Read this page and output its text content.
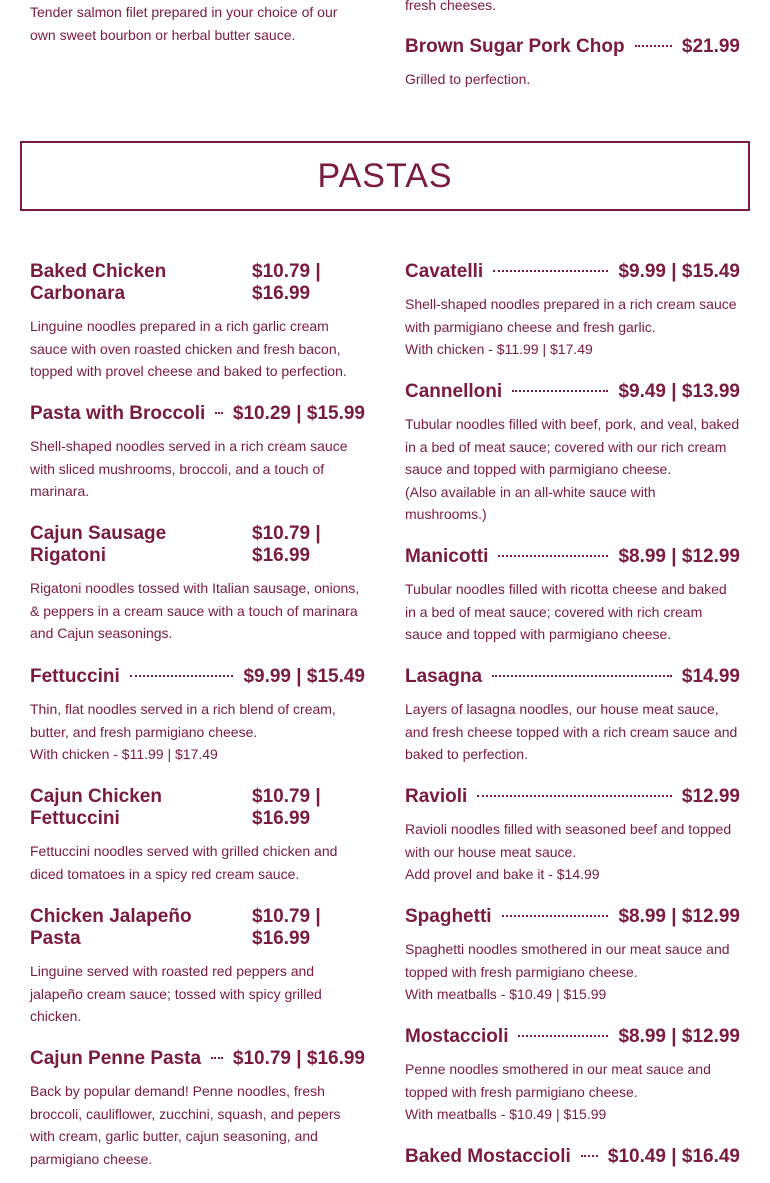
Tender salmon filet prepared in your choice of our own sweet bourbon or herbal butter sauce.
fresh cheeses.
Brown Sugar Pork Chop	$21.99
Grilled to perfection.
PASTAS
Baked Chicken Carbonara
$10.79 | $16.99
Linguine noodles prepared in a rich garlic cream sauce with oven roasted chicken and fresh bacon, topped with provel cheese and baked to perfection.
Pasta with Broccoli $10.29 | $15.99
Shell-shaped noodles served in a rich cream sauce with sliced mushrooms, broccoli, and a touch of marinara.
Cajun Sausage Rigatoni
$10.79 | $16.99
Rigatoni noodles tossed with Italian sausage, onions, & peppers in a cream sauce with a touch of marinara and Cajun seasonings.
Fettuccini	$9.99 | $15.49
Thin, flat noodles served in a rich blend of cream, butter, and fresh parmigiano cheese.
With chicken - $11.99 | $17.49
Cajun Chicken Fettuccini
$10.79 | $16.99
Fettuccini noodles served with grilled chicken and diced tomatoes in a spicy red cream sauce.
Chicken Jalapeño Pasta
$10.79 | $16.99
Linguine served with roasted red peppers and jalapeño cream sauce; tossed with spicy grilled chicken.
Cajun Penne Pasta $10.79 | $16.99
Back by popular demand! Penne noodles, fresh broccoli, cauliflower, zucchini, squash, and pepers with cream, garlic butter, cajun seasoning, and parmigiano cheese.
Cavatelli	$9.99 | $15.49
Shell-shaped noodles prepared in a rich cream sauce with parmigiano cheese and fresh garlic.
With chicken - $11.99 | $17.49
Cannelloni	$9.49 | $13.99
Tubular noodles filled with beef, pork, and veal, baked in a bed of meat sauce; covered with our rich cream sauce and topped with parmigiano cheese.
(Also available in an all-white sauce with mushrooms.)
Manicotti	$8.99 | $12.99
Tubular noodles filled with ricotta cheese and baked in a bed of meat sauce; covered with rich cream sauce and topped with parmigiano cheese.
Lasagna	$14.99
Layers of lasagna noodles, our house meat sauce, and fresh cheese topped with a rich cream sauce and baked to perfection.
Ravioli	$12.99
Ravioli noodles filled with seasoned beef and topped with our house meat sauce.
Add provel and bake it - $14.99
Spaghetti	$8.99 | $12.99
Spaghetti noodles smothered in our meat sauce and topped with fresh parmigiano cheese.
With meatballs - $10.49 | $15.99
Mostaccioli	$8.99 | $12.99
Penne noodles smothered in our meat sauce and topped with fresh parmigiano cheese.
With meatballs - $10.49 | $15.99
Baked Mostaccioli $10.49 | $16.49
